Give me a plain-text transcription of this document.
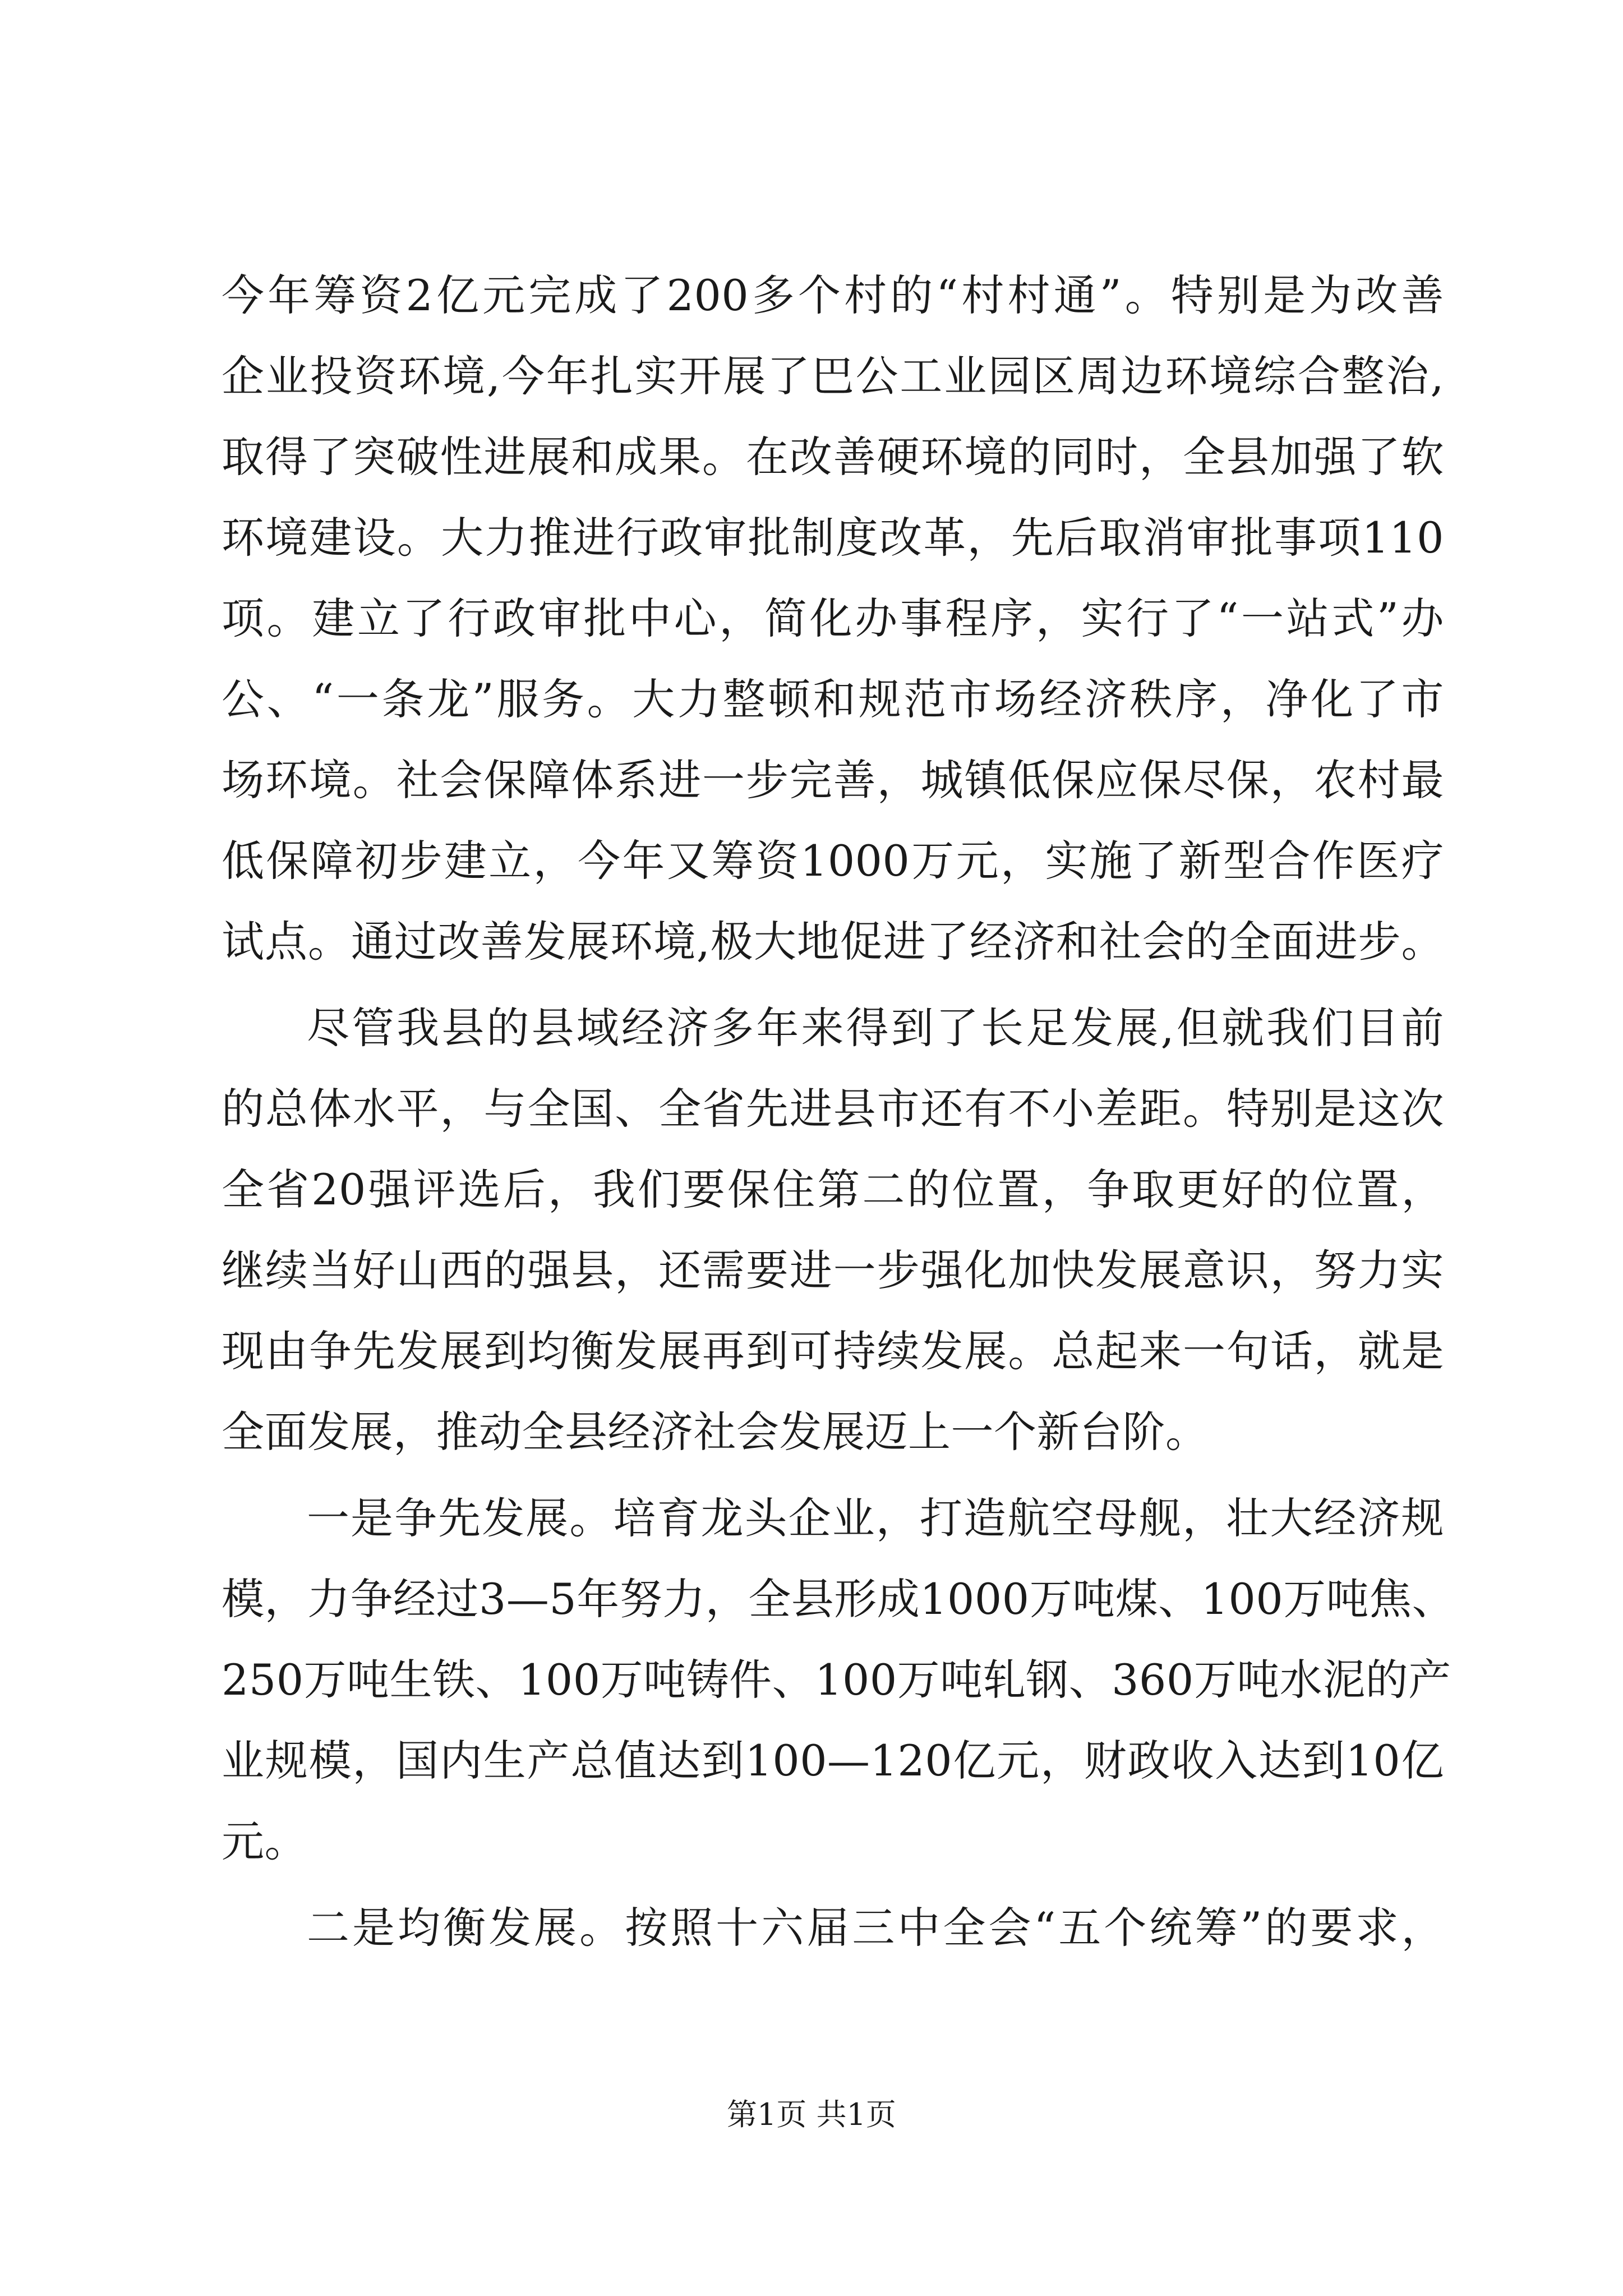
今年筹资2亿元完成了200多个村的“村村通”。特别是为改善
企业投资环境,今年扎实开展了巴公工业园区周边环境综合整治,
取得了突破性进展和成果。在改善硬环境的同时，全县加强了软
环境建设。大力推进行政审批制度改革，先后取消审批事项110
项。建立了行政审批中心，简化办事程序，实行了“一站式”办
公、“一条龙”服务。大力整顿和规范市场经济秩序，净化了市
场环境。社会保障体系进一步完善，城镇低保应保尽保，农村最
低保障初步建立，今年又筹资1000万元，实施了新型合作医疗
试点。通过改善发展环境,极大地促进了经济和社会的全面进步。
尽管我县的县域经济多年来得到了长足发展,但就我们目前
的总体水平，与全国、全省先进县市还有不小差距。特别是这次
全省20强评选后，我们要保住第二的位置，争取更好的位置，
继续当好山西的强县，还需要进一步强化加快发展意识，努力实
现由争先发展到均衡发展再到可持续发展。总起来一句话，就是
全面发展，推动全县经济社会发展迈上一个新台阶。
一是争先发展。培育龙头企业，打造航空母舰，壮大经济规
模，力争经过3—5年努力，全县形成1000万吨煤、100万吨焦、
250万吨生铁、100万吨铸件、100万吨轧钢、360万吨水泥的产
业规模，国内生产总值达到100—120亿元，财政收入达到10亿
元。
二是均衡发展。按照十六届三中全会“五个统筹”的要求，
第1页 共1页
